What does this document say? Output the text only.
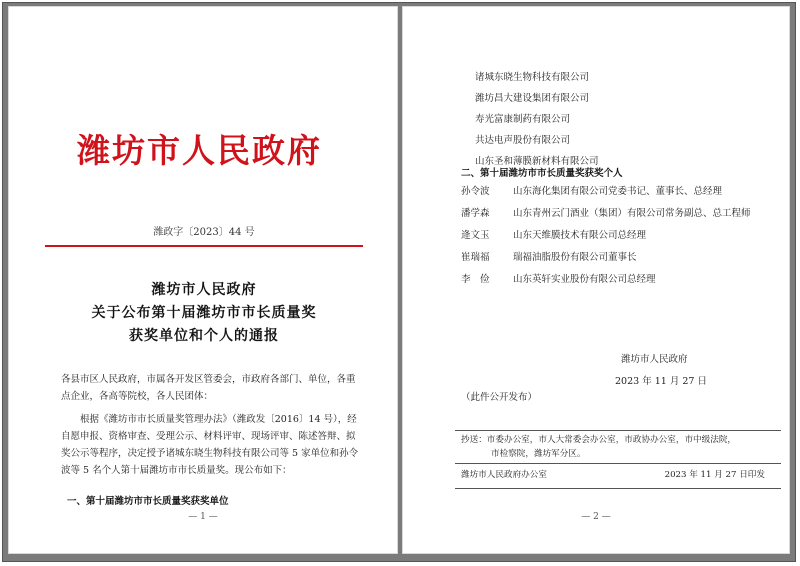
潍坊市人民政府
潍政字〔2023〕44 号
潍坊市人民政府
关于公布第十届潍坊市市长质量奖
获奖单位和个人的通报
各县市区人民政府，市属各开发区管委会，市政府各部门、单位，各重点企业，各高等院校，各人民团体：
根据《潍坊市市长质量奖管理办法》（潍政发〔2016〕14 号），经自愿申报、资格审查、受理公示、材料评审、现场评审、陈述答辩、拟奖公示等程序，决定授予诸城东晓生物科技有限公司等 5 家单位和孙令波等 5 名个人第十届潍坊市市长质量奖。现公布如下：
一、第十届潍坊市市长质量奖获奖单位
— 1 —
诸城东晓生物科技有限公司
潍坊昌大建设集团有限公司
寿光富康制药有限公司
共达电声股份有限公司
山东圣和薄膜新材料有限公司
二、第十届潍坊市市长质量奖获奖个人
孙令波	山东海化集团有限公司党委书记、董事长、总经理
潘学森	山东青州云门酒业（集团）有限公司常务副总、总工程师
逄文玉	山东天维膜技术有限公司总经理
崔瑞福	瑞福油脂股份有限公司董事长
李　俭	山东英轩实业股份有限公司总经理
潍坊市人民政府
2023 年 11 月 27 日
（此件公开发布）
抄送：市委办公室，市人大常委会办公室，市政协办公室，市中级法院，
市检察院，潍坊军分区。
潍坊市人民政府办公室	2023 年 11 月 27 日印发
— 2 —
